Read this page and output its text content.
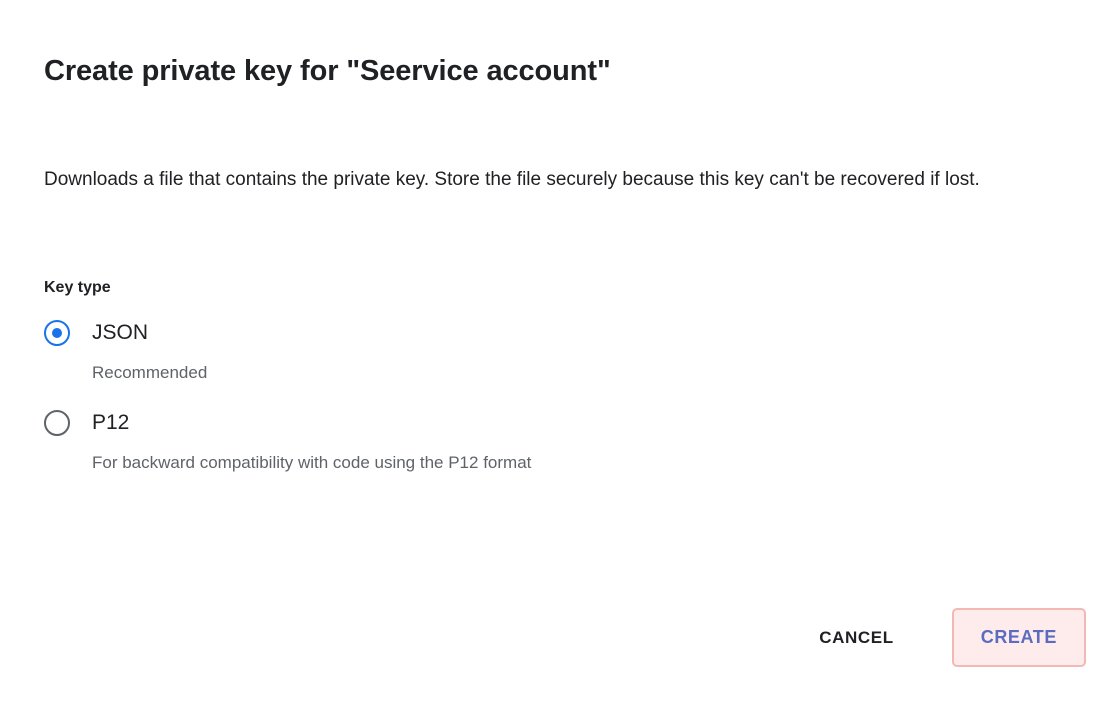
Create private key for "Seervice account"
Downloads a file that contains the private key. Store the file securely because this key can't be recovered if lost.
Key type
JSON
Recommended
P12
For backward compatibility with code using the P12 format
CANCEL	CREATE
